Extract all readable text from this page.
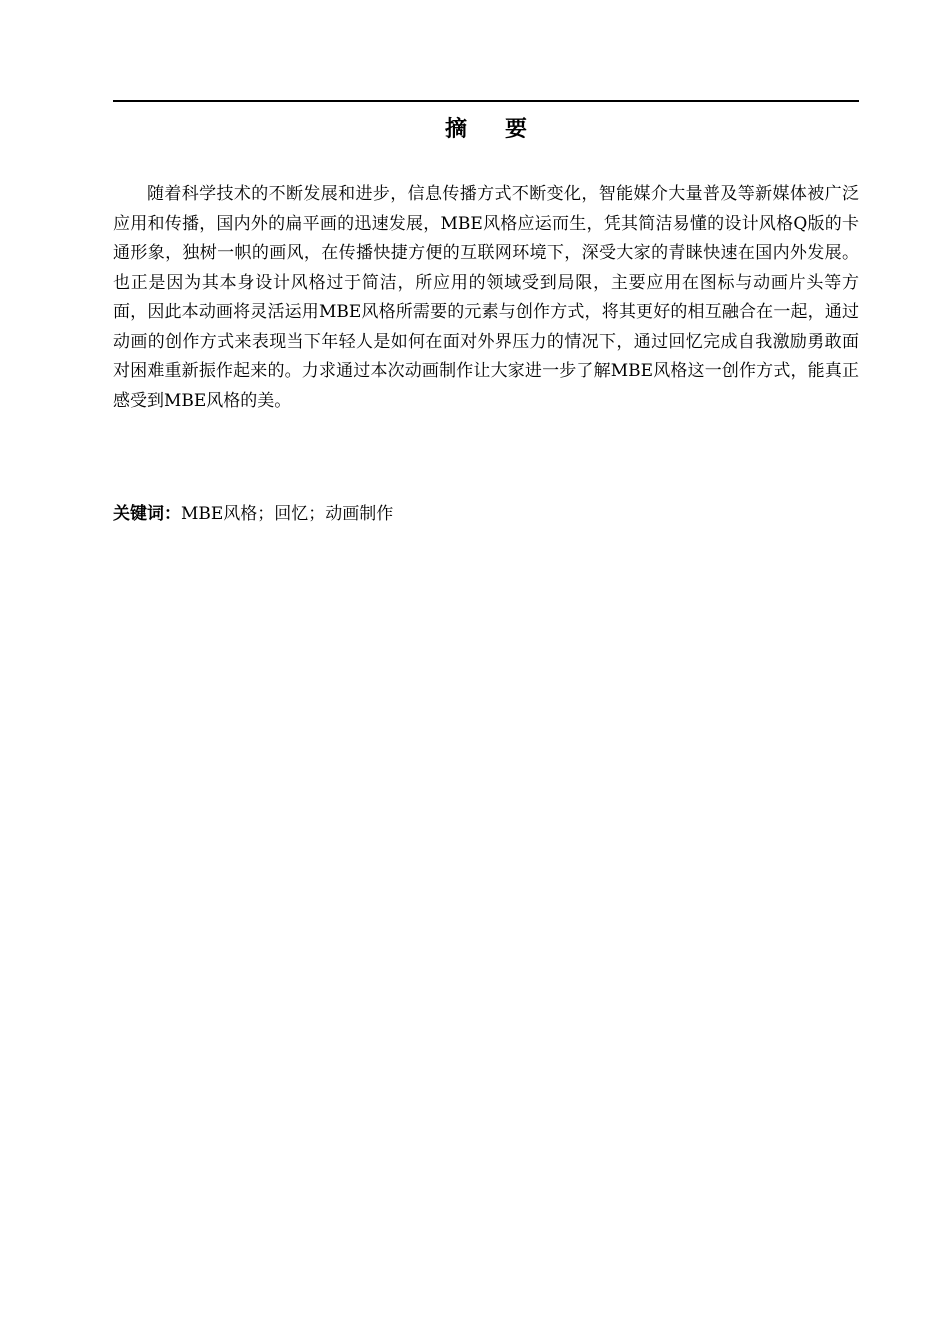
摘 要

随着科学技术的不断发展和进步，信息传播方式不断变化，智能媒介大量普及等新媒体被广泛应用和传播，国内外的扁平画的迅速发展，MBE风格应运而生，凭其简洁易懂的设计风格Q版的卡通形象，独树一帜的画风，在传播快捷方便的互联网环境下，深受大家的青睐快速在国内外发展。也正是因为其本身设计风格过于简洁，所应用的领域受到局限，主要应用在图标与动画片头等方面，因此本动画将灵活运用MBE风格所需要的元素与创作方式，将其更好的相互融合在一起，通过动画的创作方式来表现当下年轻人是如何在面对外界压力的情况下，通过回忆完成自我激励勇敢面对困难重新振作起来的。力求通过本次动画制作让大家进一步了解MBE风格这一创作方式，能真正感受到MBE风格的美。

关键词：MBE风格；回忆；动画制作
